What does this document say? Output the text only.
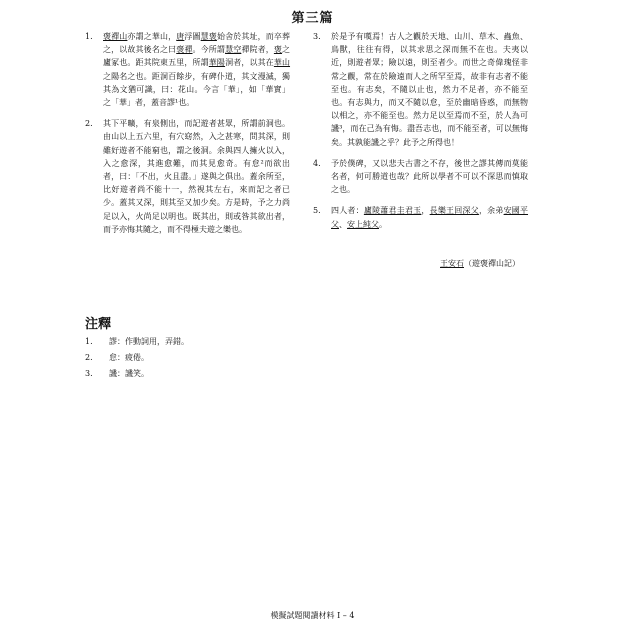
第三篇
1.	褒禪山亦謂之華山，唐浮圖慧褒始舍於其址，而卒葬之，以故其後名之曰褒禪。今所謂慧空禪院者，褒之廬冢也。距其院東五里，所謂華陽洞者，以其在華山之陽名之也。距洞百餘步，有碑仆道，其文漫滅，獨其為文猶可識，曰：花山。今言「華」，如「華實」之「華」者，蓋音謬¹也。
2.	其下平曠，有泉側出，而記遊者甚眾，所謂前洞也。由山以上五六里，有穴窈然，入之甚寒，問其深，則雖好遊者不能窮也，謂之後洞。余與四人擁火以入，入之愈深，其進愈難，而其見愈奇。有怠²而欲出者，曰：「不出，火且盡。」遂與之俱出。蓋余所至，比好遊者尚不能十一，然視其左右，來而記之者已少。蓋其又深，則其至又加少矣。方是時，予之力尚足以入，火尚足以明也。既其出，則或咎其欲出者，而予亦悔其隨之，而不得極夫遊之樂也。
3.	於是予有嘆焉！古人之觀於天地、山川、草木、蟲魚、鳥獸，往往有得，以其求思之深而無不在也。夫夷以近，則遊者眾；險以遠，則至者少。而世之奇偉瑰怪非常之觀，常在於險遠而人之所罕至焉，故非有志者不能至也。有志矣，不隨以止也，然力不足者，亦不能至也。有志與力，而又不隨以怠，至於幽暗昏惑，而無物以相之，亦不能至也。然力足以至焉而不至，於人為可譏³，而在己為有悔。盡吾志也，而不能至者，可以無悔矣。其孰能譏之乎？此予之所得也！
4.	予於僕碑，又以悲夫古書之不存，後世之謬其傳而莫能名者，何可勝道也哉？此所以學者不可以不深思而慎取之也。
5.	四人者：廬陵蕭君圭君玉，長樂王回深父，余弟安國平父、安上純父。
王安石（遊褒禪山記）
注釋
1.	謬：作動詞用，弄錯。
2.	怠：疲倦。
3.	譏：譏笑。
模擬試題閱讀材料 I – 4
